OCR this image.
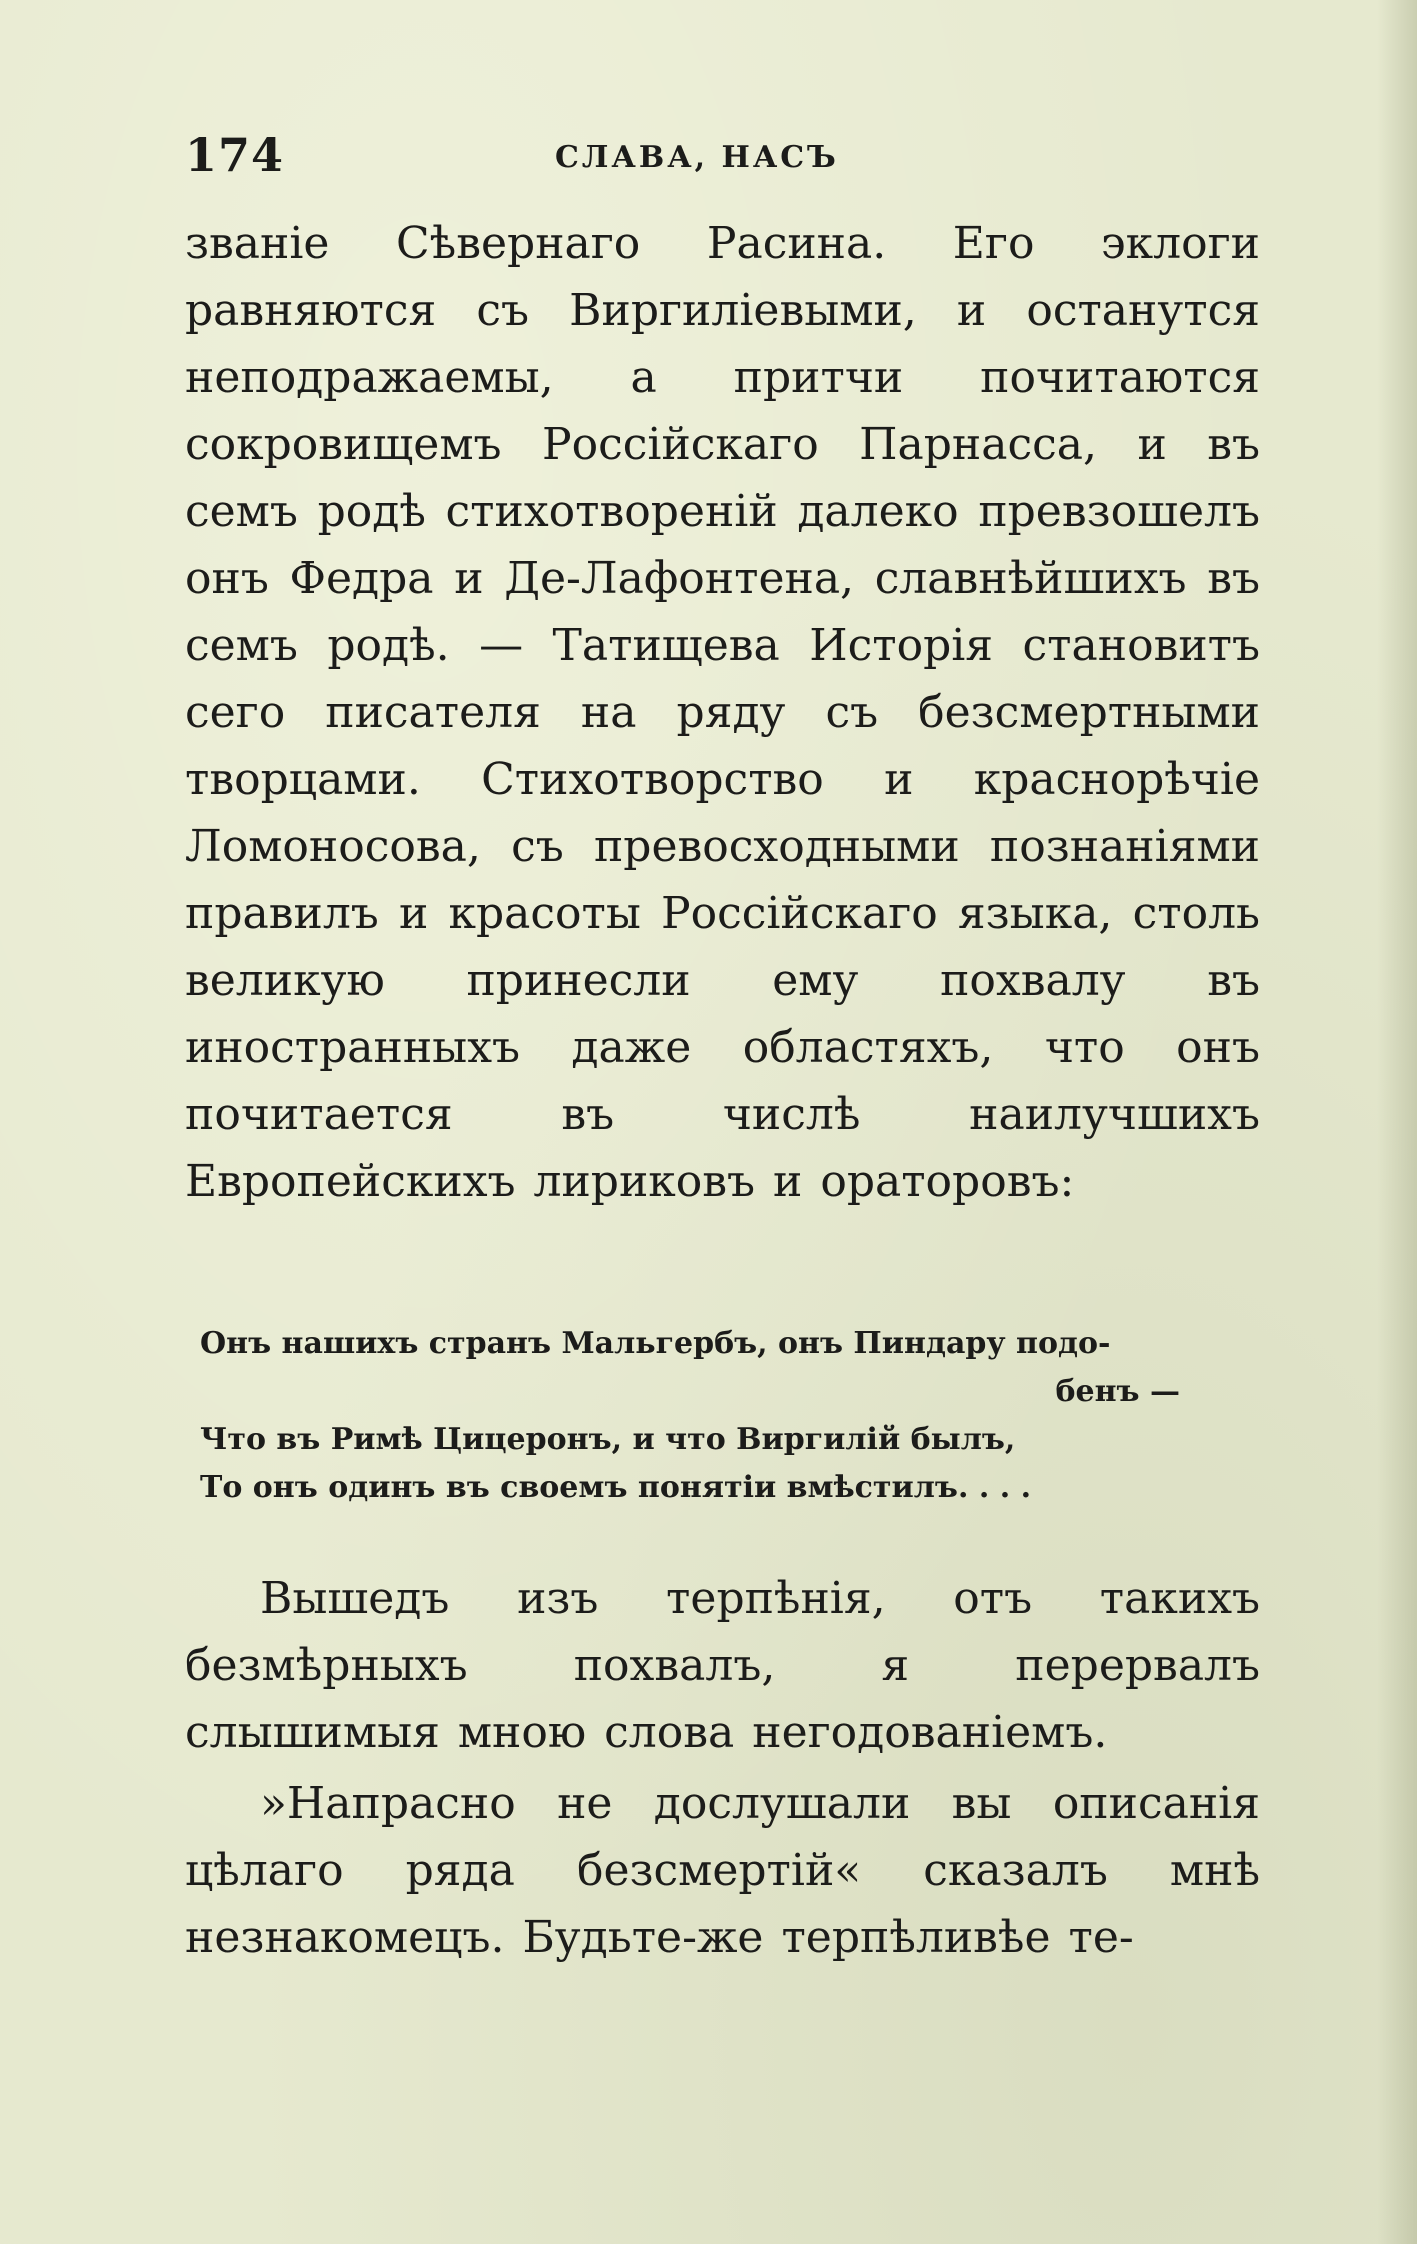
174	СЛАВА, НАСЪ

званіе Сѣвернаго Расина. Его эклоги равняются съ Виргиліевыми, и останутся неподражаемы, а притчи почитаются сокровищемъ Россійскаго Парнасса, и въ семъ родѣ стихотвореній далеко превзошелъ онъ Федра и Де-Лафонтена, славнѣйшихъ въ семъ родѣ. — Татищева Исторія становитъ сего писателя на ряду съ безсмертными творцами. Стихотворство и краснорѣчіе Ломоносова, съ превосходными познаніями правилъ и красоты Россійскаго языка, столь великую принесли ему похвалу въ иностранныхъ даже областяхъ, что онъ почитается въ числѣ наилучшихъ Европейскихъ лириковъ и ораторовъ:

Онъ нашихъ странъ Мальгербъ, онъ Пиндару подо-
бенъ —
Что въ Римѣ Цицеронъ, и что Виргилій былъ,
То онъ одинъ въ своемъ понятіи вмѣстилъ. . . .

Вышедъ изъ терпѣнія, отъ такихъ безмѣрныхъ похвалъ, я перервалъ слышимыя мною слова негодованіемъ.

»Напрасно не дослушали вы описанія цѣлаго ряда безсмертій« сказалъ мнѣ незнакомецъ. Будьте-же терпѣливѣе те-
